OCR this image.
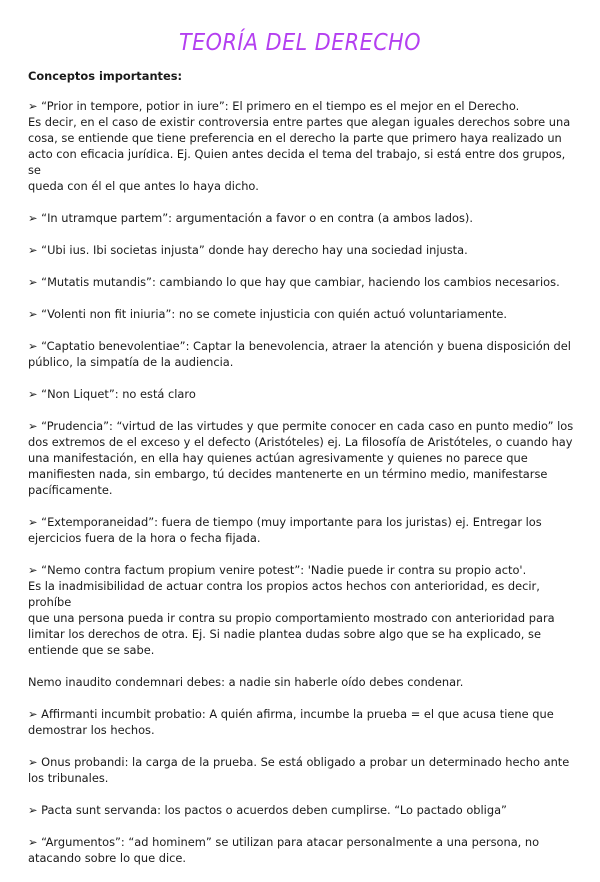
TEORÍA DEL DERECHO
Conceptos importantes:
➢ “Prior in tempore, potior in iure”: El primero en el tiempo es el mejor en el Derecho.
Es decir, en el caso de existir controversia entre partes que alegan iguales derechos sobre una
cosa, se entiende que tiene preferencia en el derecho la parte que primero haya realizado un
acto con eficacia jurídica. Ej. Quien antes decida el tema del trabajo, si está entre dos grupos, se
queda con él el que antes lo haya dicho.
➢ “In utramque partem”: argumentación a favor o en contra (a ambos lados).
➢ “Ubi ius. Ibi societas injusta” donde hay derecho hay una sociedad injusta.
➢ “Mutatis mutandis”: cambiando lo que hay que cambiar, haciendo los cambios necesarios.
➢ “Volenti non fit iniuria”: no se comete injusticia con quién actuó voluntariamente.
➢ “Captatio benevolentiae”: Captar la benevolencia, atraer la atención y buena disposición del
público, la simpatía de la audiencia.
➢ “Non Liquet”: no está claro
➢ “Prudencia”: “virtud de las virtudes y que permite conocer en cada caso en punto medio” los
dos extremos de el exceso y el defecto (Aristóteles) ej. La filosofía de Aristóteles, o cuando hay
una manifestación, en ella hay quienes actúan agresivamente y quienes no parece que
manifiesten nada, sin embargo, tú decides mantenerte en un término medio, manifestarse
pacíficamente.
➢ “Extemporaneidad”: fuera de tiempo (muy importante para los juristas) ej. Entregar los
ejercicios fuera de la hora o fecha fijada.
➢ “Nemo contra factum propium venire potest”: 'Nadie puede ir contra su propio acto'.
Es la inadmisibilidad de actuar contra los propios actos hechos con anterioridad, es decir, prohíbe
que una persona pueda ir contra su propio comportamiento mostrado con anterioridad para
limitar los derechos de otra. Ej. Si nadie plantea dudas sobre algo que se ha explicado, se
entiende que se sabe.
Nemo inaudito condemnari debes: a nadie sin haberle oído debes condenar.
➢ Affirmanti incumbit probatio: A quién afirma, incumbe la prueba = el que acusa tiene que
demostrar los hechos.
➢ Onus probandi: la carga de la prueba. Se está obligado a probar un determinado hecho ante
los tribunales.
➢ Pacta sunt servanda: los pactos o acuerdos deben cumplirse. “Lo pactado obliga”
➢ “Argumentos”: “ad hominem” se utilizan para atacar personalmente a una persona, no
atacando sobre lo que dice.
